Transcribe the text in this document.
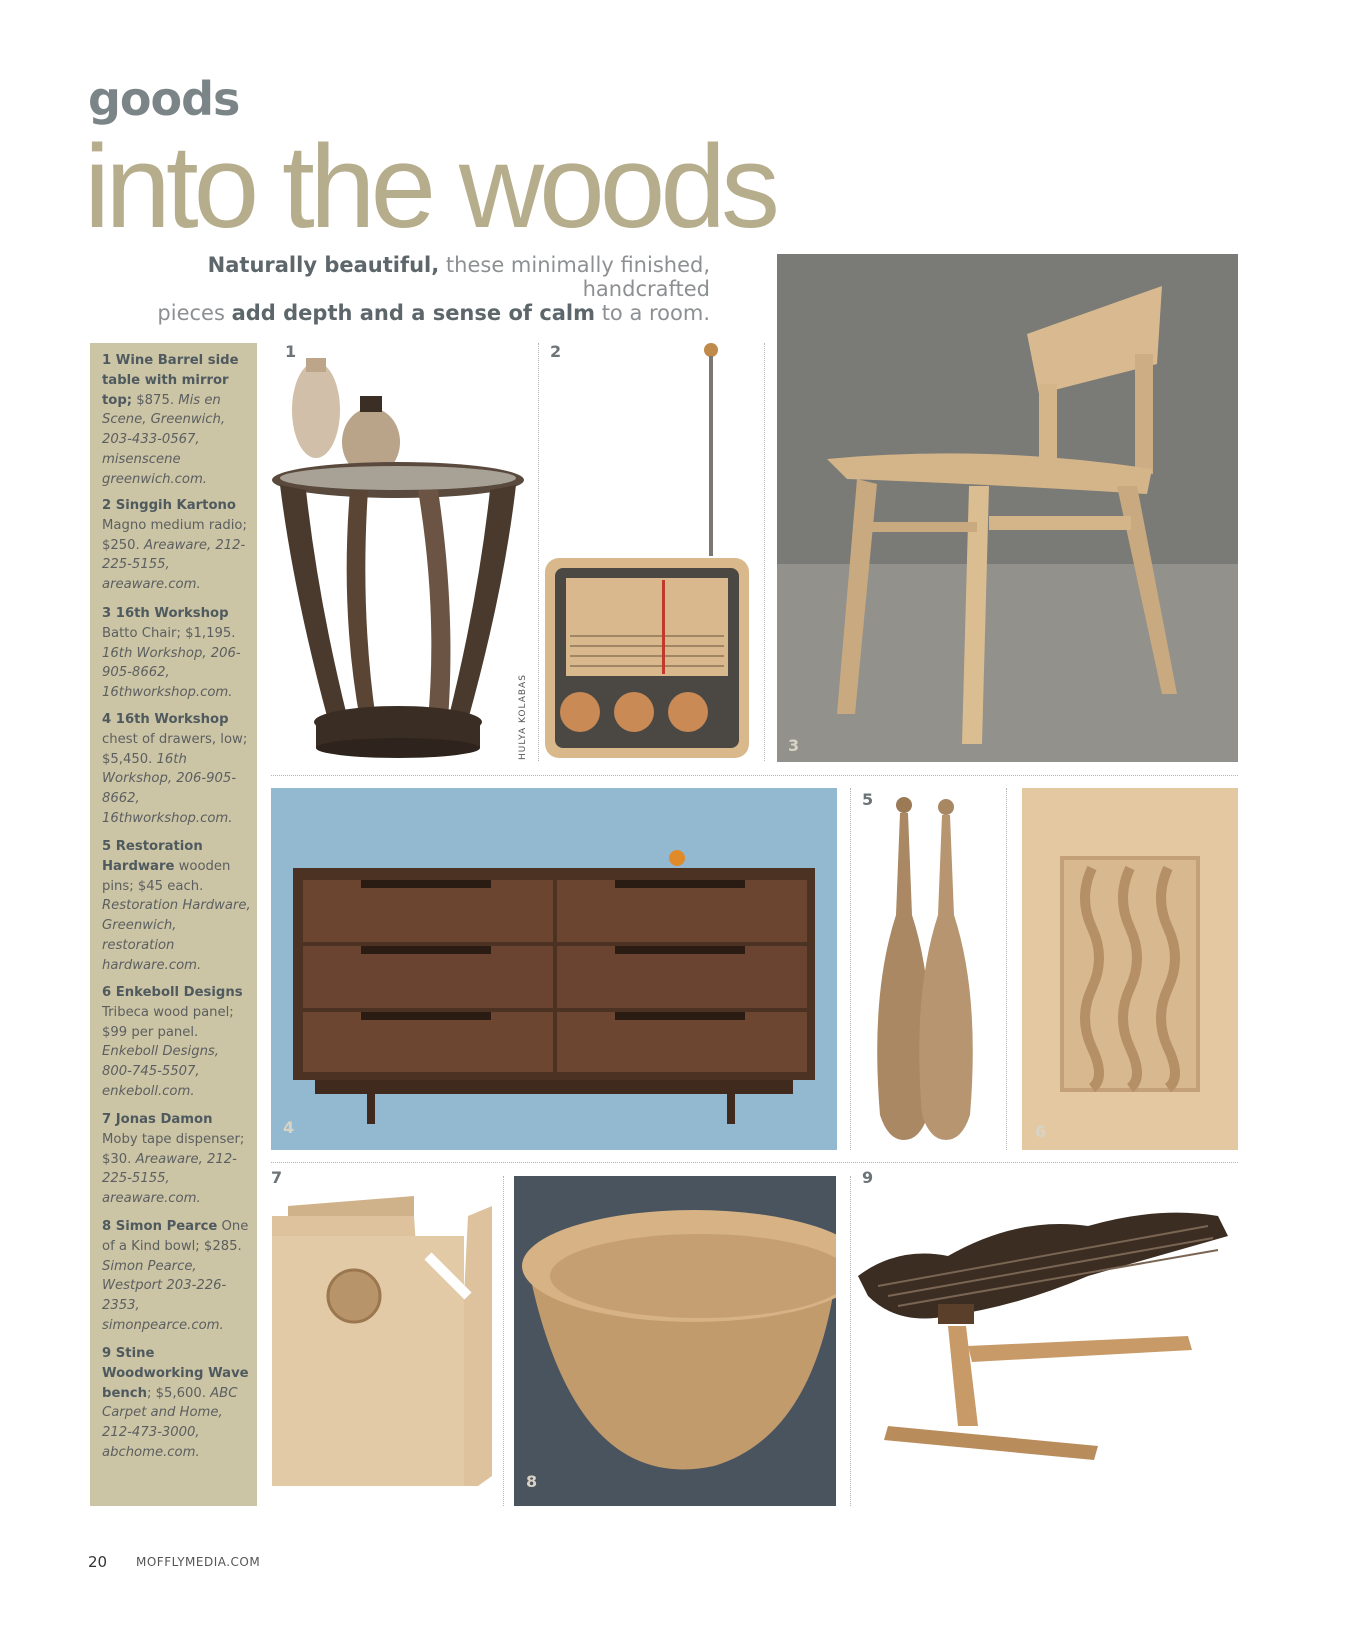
goods
into the woods
Naturally beautiful, these minimally finished, handcrafted
pieces add depth and a sense of calm to a room.
1 Wine Barrel side table with mirror top; $875. Mis en Scene, Greenwich, 203-433-0567, misenscene greenwich.com.
2 Singgih Kartono Magno medium radio; $250. Areaware, 212-225-5155, areaware.com.
3 16th Workshop Batto Chair; $1,195. 16th Workshop, 206-905-8662, 16thworkshop.com.
4 16th Workshop chest of drawers, low; $5,450. 16th Workshop, 206-905-8662, 16thworkshop.com.
5 Restoration Hardware wooden pins; $45 each. Restoration Hardware, Greenwich, restoration hardware.com.
6 Enkeboll Designs Tribeca wood panel; $99 per panel. Enkeboll Designs, 800-745-5507, enkeboll.com.
7 Jonas Damon Moby tape dispenser; $30. Areaware, 212-225-5155, areaware.com.
8 Simon Pearce One of a Kind bowl; $285. Simon Pearce, Westport 203-226-2353, simonpearce.com.
9 Stine Woodworking Wave bench; $5,600. ABC Carpet and Home, 212-473-3000, abchome.com.
1	2
HULYA KOLABAS	3
4
5
6
7
8
9
20 MOFFLYMEDIA.COM
